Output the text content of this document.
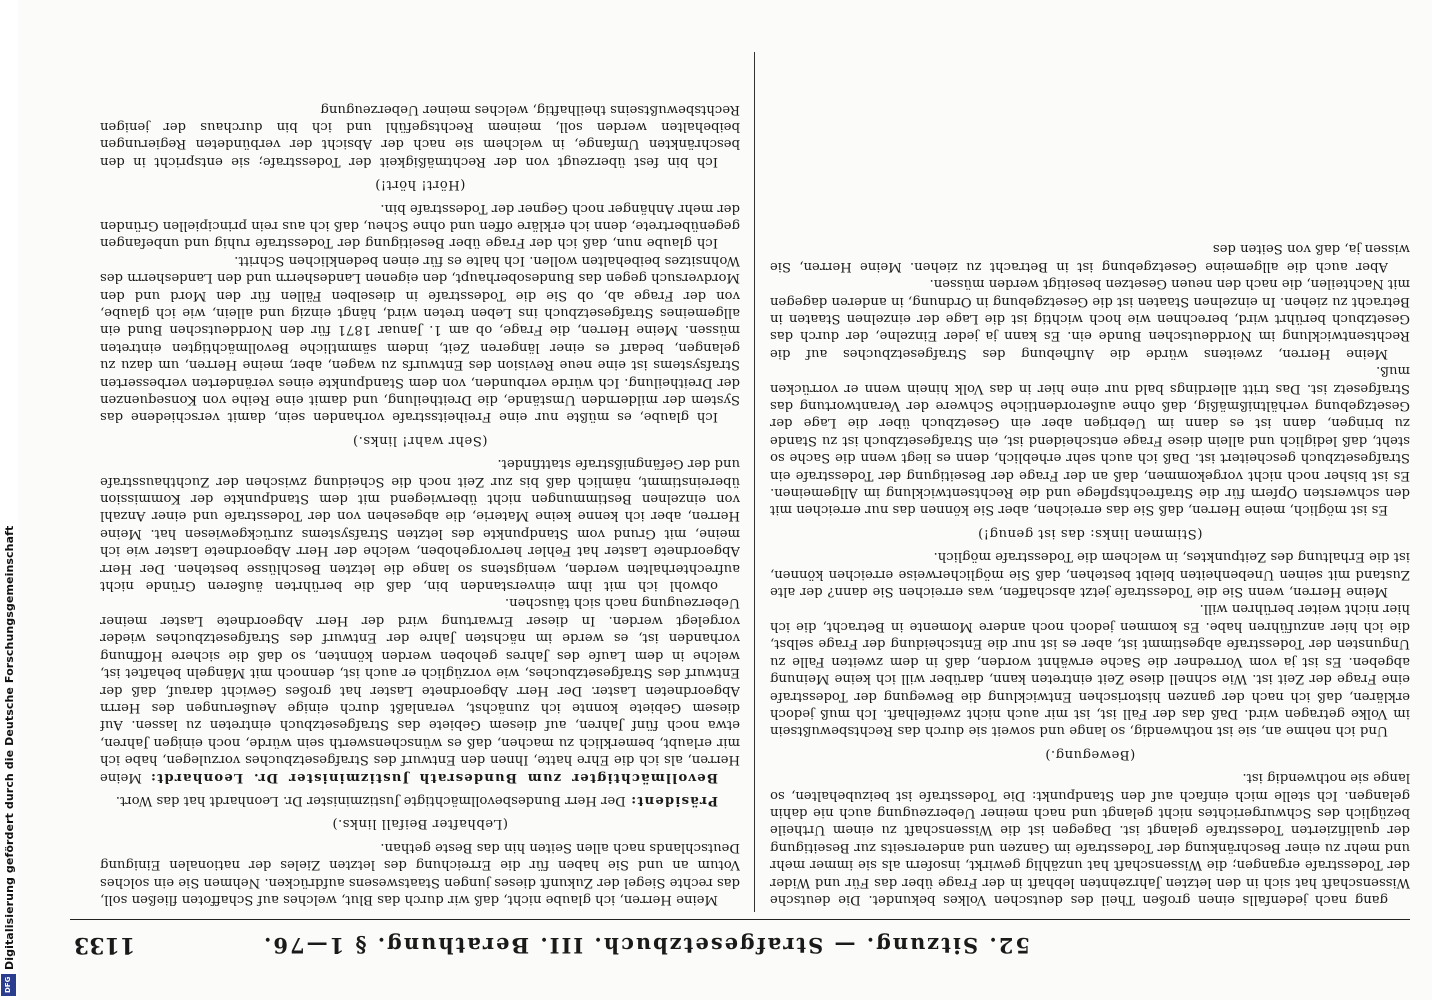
Digitalisierung gefördert durch die Deutsche Forschungsgemeinschaft
DFG
52. Sitzung. — Strafgesetzbuch. III. Berathung. § 1—76.
1133

gang nach jedenfalls einen großen Theil des deutschen Volkes bekundet. Die deutsche Wissenschaft hat sich in den letzten Jahrzehnten lebhaft in der Frage über das Für und Wider der Todesstrafe ergangen; die Wissenschaft hat unzählig gewirkt, insofern als sie immer mehr und mehr zu einer Beschränkung der Todesstrafe im Ganzen und andererseits zur Beseitigung der qualifizierten Todesstrafe gelangt ist. Dagegen ist die Wissenschaft zu einem Urtheile bezüglich des Schwurgerichtes nicht gelangt und nach meiner Ueberzeugung auch nie dahin gelangen. Ich stelle mich einfach auf den Standpunkt: Die Todesstrafe ist beizubehalten, so lange sie nothwendig ist.

(Bewegung.)

Und ich nehme an, sie ist nothwendig, so lange und soweit sie durch das Rechtsbewußtsein im Volke getragen wird. Daß das der Fall ist, ist mir auch nicht zweifelhaft. Ich muß jedoch erklären, daß ich nach der ganzen historischen Entwicklung die Bewegung der Todesstrafe eine Frage der Zeit ist. Wie schnell diese Zeit eintreten kann, darüber will ich keine Meinung abgeben. Es ist ja vom Vorredner die Sache erwähnt worden, daß in dem zweiten Falle zu Ungunsten der Todesstrafe abgestimmt ist, aber es ist nur die Entscheidung der Frage selbst, die ich hier anzuführen habe. Es kommen jedoch noch andere Momente in Betracht, die ich hier nicht weiter berühren will.

Meine Herren, wenn Sie die Todesstrafe jetzt abschaffen, was erreichen Sie dann? der alte Zustand mit seinen Unebenheiten bleibt bestehen, daß Sie möglicherweise erreichen können, ist die Erhaltung des Zeitpunktes, in welchem die Todesstrafe möglich.

(Stimmen links: das ist genug!)

Es ist möglich, meine Herren, daß Sie das erreichen, aber Sie können das nur erreichen mit den schwersten Opfern für die Strafrechtspflege und die Rechtsentwicklung im Allgemeinen. Es ist bisher noch nicht vorgekommen, daß an der Frage der Beseitigung der Todesstrafe ein Strafgesetzbuch gescheitert ist. Daß ich auch sehr erheblich, denn es liegt wenn die Sache so steht, daß lediglich und allein diese Frage entscheidend ist, ein Strafgesetzbuch ist zu Stande zu bringen, dann ist es dann im Uebrigen aber ein Gesetzbuch über die Lage der Gesetzgebung verhältnißmäßig, daß ohne außerordentliche Schwere der Verantwortung das Strafgesetz ist. Das tritt allerdings bald nur eine hier in das Volk hinein wenn er vorrücken muß.

Meine Herren, zweitens würde die Aufhebung des Strafgesetzbuches auf die Rechtsentwicklung im Norddeutschen Bunde ein. Es kann ja jeder Einzelne, der durch das Gesetzbuch berührt wird, berechnen wie hoch wichtig ist die Lage der einzelnen Staaten in Betracht zu ziehen. In einzelnen Staaten ist die Gesetzgebung in Ordnung, in anderen dagegen mit Nachteilen, die nach den neuen Gesetzen beseitigt werden müssen.

Aber auch die allgemeine Gesetzgebung ist in Betracht zu ziehen. Meine Herren, Sie wissen ja, daß von Seiten des

Meine Herren, ich glaube nicht, daß wir durch das Blut, welches auf Schaffoten fließen soll, das rechte Siegel der Zukunft dieses jungen Staatswesens aufdrücken. Nehmen Sie ein solches Votum an und Sie haben für die Erreichung des letzten Zieles der nationalen Einigung Deutschlands nach allen Seiten hin das Beste gethan.

(Lebhafter Beifall links.)

Präsident: Der Herr Bundesbevollmächtigte Justizminister Dr. Leonhardt hat das Wort.

Bevollmächtigter zum Bundesrath Justizminister Dr. Leonhardt: Meine Herren, als ich die Ehre hatte, Ihnen den Entwurf des Strafgesetzbuches vorzulegen, habe ich mir erlaubt, bemerklich zu machen, daß es wünschenswerth sein würde, noch einigen Jahren, etwa noch fünf Jahren, auf diesem Gebiete das Strafgesetzbuch eintreten zu lassen. Auf diesem Gebiete konnte ich zunächst, veranlaßt durch einige Aeußerungen des Herrn Abgeordneten Laster. Der Herr Abgeordnete Laster hat großes Gewicht darauf, daß der Entwurf des Strafgesetzbuches, wie vorzüglich er auch ist, dennoch mit Mängeln behaftet ist, welche in dem Laufe des Jahres gehoben werden könnten, so daß die sichere Hoffnung vorhanden ist, es werde im nächsten Jahre der Entwurf des Strafgesetzbuches wieder vorgelegt werden. In dieser Erwartung wird der Herr Abgeordnete Laster meiner Ueberzeugung nach sich täuschen.

obwohl ich mit ihm einverstanden bin, daß die berührten äußeren Gründe nicht aufrechterhalten werden, wenigstens so lange die letzten Beschlüsse bestehen. Der Herr Abgeordnete Laster hat Fehler hervorgehoben, welche der Herr Abgeordnete Laster wie ich meine, mit Grund vom Standpunkte des letzten Strafsystems zurückgewiesen hat. Meine Herren, aber ich kenne keine Materie, die abgesehen von der Todesstrafe und einer Anzahl von einzelnen Bestimmungen nicht überwiegend mit dem Standpunkte der Kommission übereinstimmt, nämlich daß bis zur Zeit noch die Scheidung zwischen der Zuchthausstrafe und der Gefängnißstrafe stattfindet.

(Sehr wahr! links.)

Ich glaube, es müßte nur eine Freiheitsstrafe vorhanden sein, damit verschiedene das System der mildernden Umstände, die Dreitheilung, und damit eine Reihe von Konsequenzen der Dreitheilung. Ich würde verbunden, von dem Standpunkte eines veränderten verbesserten Strafsystems ist eine neue Revision des Entwurfs zu wagen, aber, meine Herren, um dazu zu gelangen, bedarf es einer längeren Zeit, indem sämmtliche Bevollmächtigten eintreten müssen. Meine Herren, die Frage, ob am 1. Januar 1871 für den Norddeutschen Bund ein allgemeines Strafgesetzbuch ins Leben treten wird, hängt einzig und allein, wie ich glaube, von der Frage ab, ob Sie die Todesstrafe in dieselben Fällen für den Mord und den Mordversuch gegen das Bundesoberhaupt, den eigenen Landesherrn und den Landesherrn des Wohnsitzes beibehalten wollen. Ich halte es für einen bedenklichen Schritt.

Ich glaube nun, daß ich der Frage über Beseitigung der Todesstrafe ruhig und unbefangen gegenübertrete, denn ich erkläre offen und ohne Scheu, daß ich aus rein principiellen Gründen der mehr Anhänger noch Gegner der Todesstrafe bin.

(Hört! hört!)

Ich bin fest überzeugt von der Rechtmäßigkeit der Todesstrafe; sie entspricht in den beschränkten Umfange, in welchem sie nach der Absicht der verbündeten Regierungen beibehalten werden soll, meinem Rechtsgefühl und ich bin durchaus der jenigen Rechtsbewußtseins theilhaftig, welches meiner Ueberzeugung
